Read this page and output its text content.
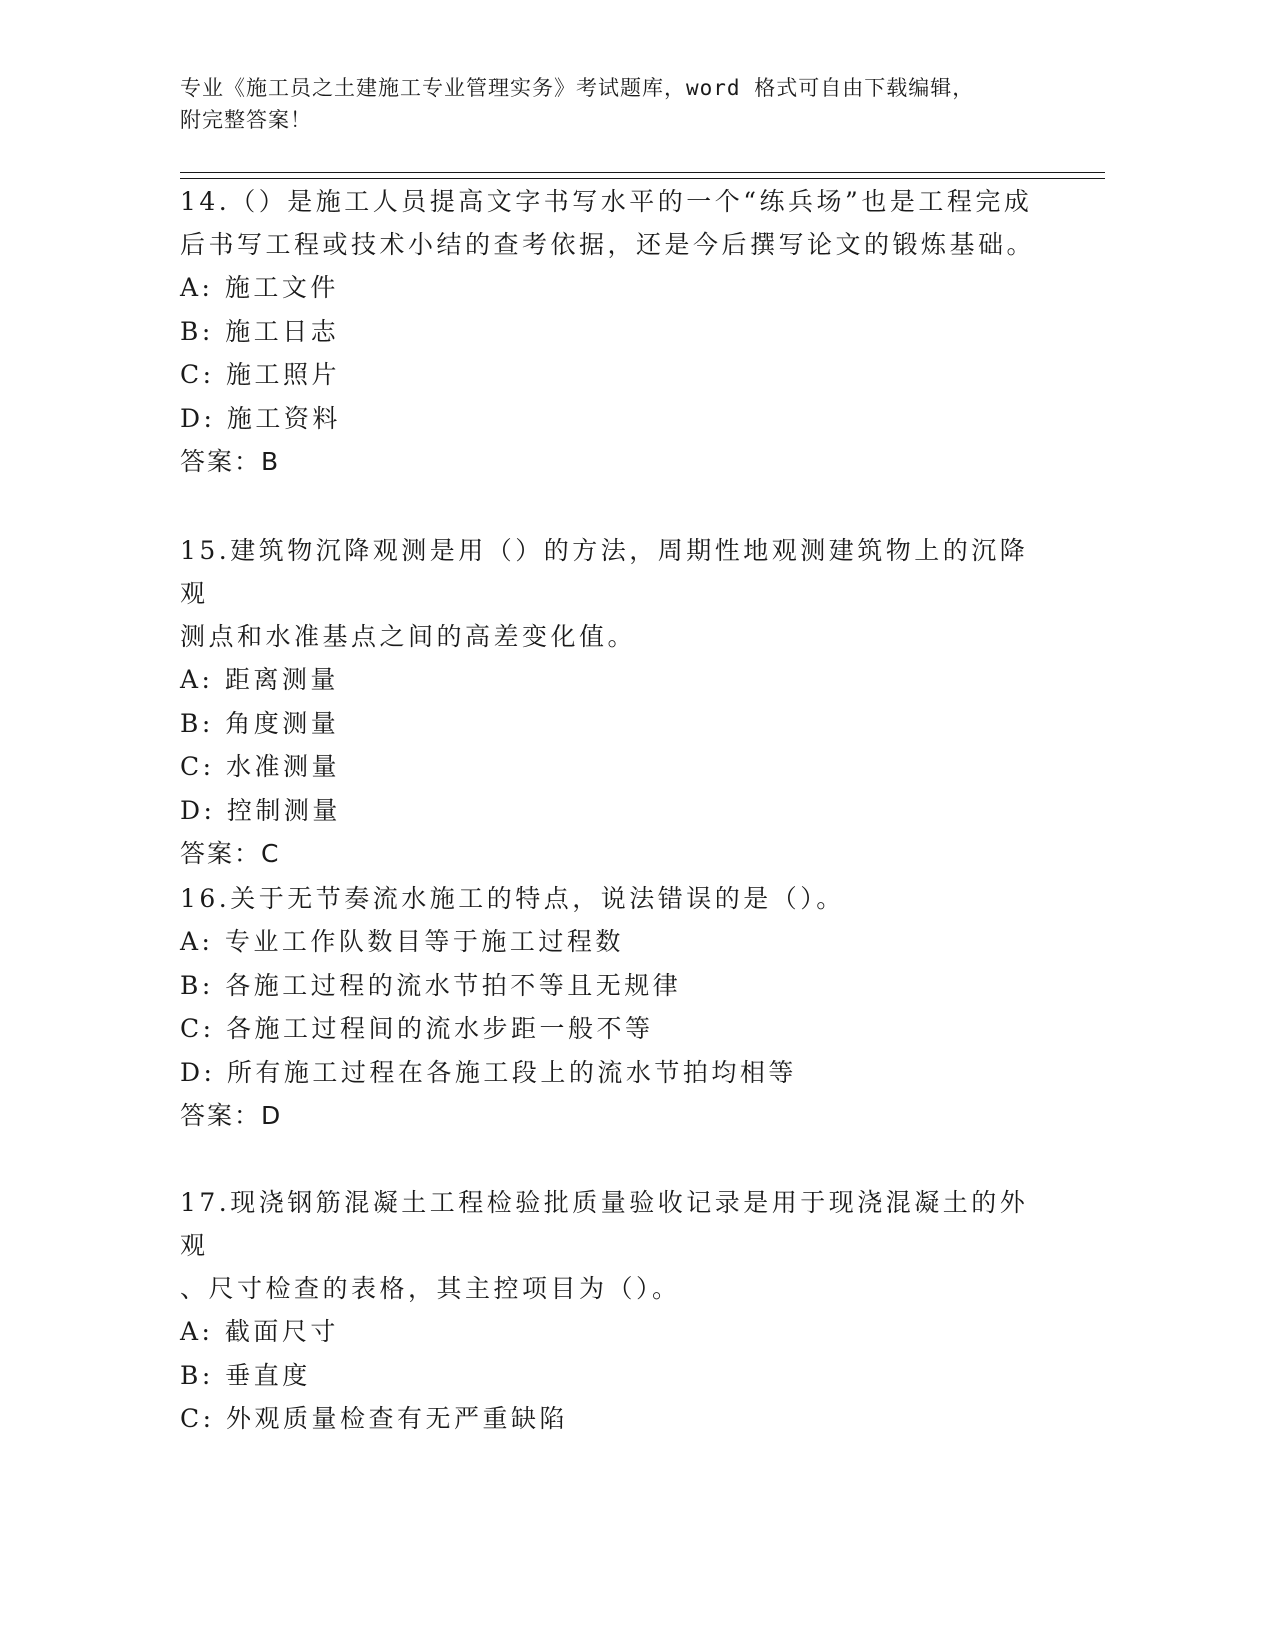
专业《施工员之土建施工专业管理实务》考试题库，word 格式可自由下载编辑，
附完整答案！

14.（）是施工人员提高文字书写水平的一个“练兵场”也是工程完成
后书写工程或技术小结的查考依据，还是今后撰写论文的锻炼基础。

A: 施工文件

B: 施工日志

C: 施工照片

D: 施工资料

答案：B

15.建筑物沉降观测是用（）的方法，周期性地观测建筑物上的沉降观
测点和水准基点之间的高差变化值。

A: 距离测量

B: 角度测量

C: 水准测量

D: 控制测量

答案：C

16.关于无节奏流水施工的特点，说法错误的是（）。

A: 专业工作队数目等于施工过程数

B: 各施工过程的流水节拍不等且无规律

C: 各施工过程间的流水步距一般不等

D: 所有施工过程在各施工段上的流水节拍均相等

答案：D

17.现浇钢筋混凝土工程检验批质量验收记录是用于现浇混凝土的外观
、尺寸检查的表格，其主控项目为（）。

A: 截面尺寸

B: 垂直度

C: 外观质量检查有无严重缺陷
